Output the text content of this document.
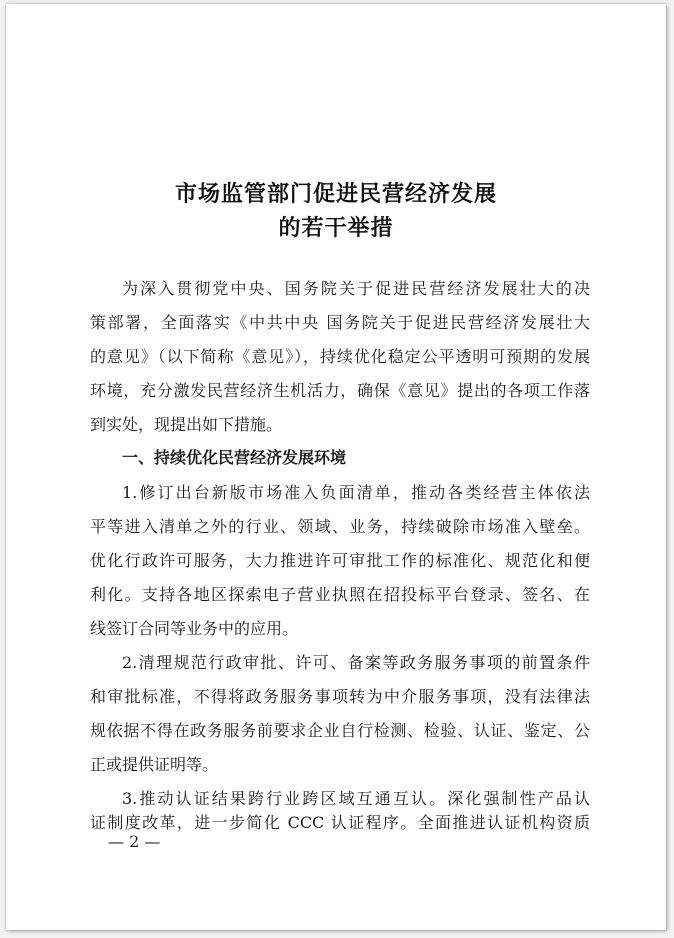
市场监管部门促进民营经济发展
的若干举措
为深入贯彻党中央、国务院关于促进民营经济发展壮大的决
策部署，全面落实《中共中央 国务院关于促进民营经济发展壮大
的意见》（以下简称《意见》），持续优化稳定公平透明可预期的发展
环境，充分激发民营经济生机活力，确保《意见》提出的各项工作落
到实处，现提出如下措施。
一、持续优化民营经济发展环境
1.修订出台新版市场准入负面清单，推动各类经营主体依法
平等进入清单之外的行业、领域、业务，持续破除市场准入壁垒。
优化行政许可服务，大力推进许可审批工作的标准化、规范化和便
利化。支持各地区探索电子营业执照在招投标平台登录、签名、在
线签订合同等业务中的应用。
2.清理规范行政审批、许可、备案等政务服务事项的前置条件
和审批标准，不得将政务服务事项转为中介服务事项，没有法律法
规依据不得在政务服务前要求企业自行检测、检验、认证、鉴定、公
正或提供证明等。
3.推动认证结果跨行业跨区域互通互认。深化强制性产品认
证制度改革，进一步简化 CCC 认证程序。全面推进认证机构资质
— 2 —
